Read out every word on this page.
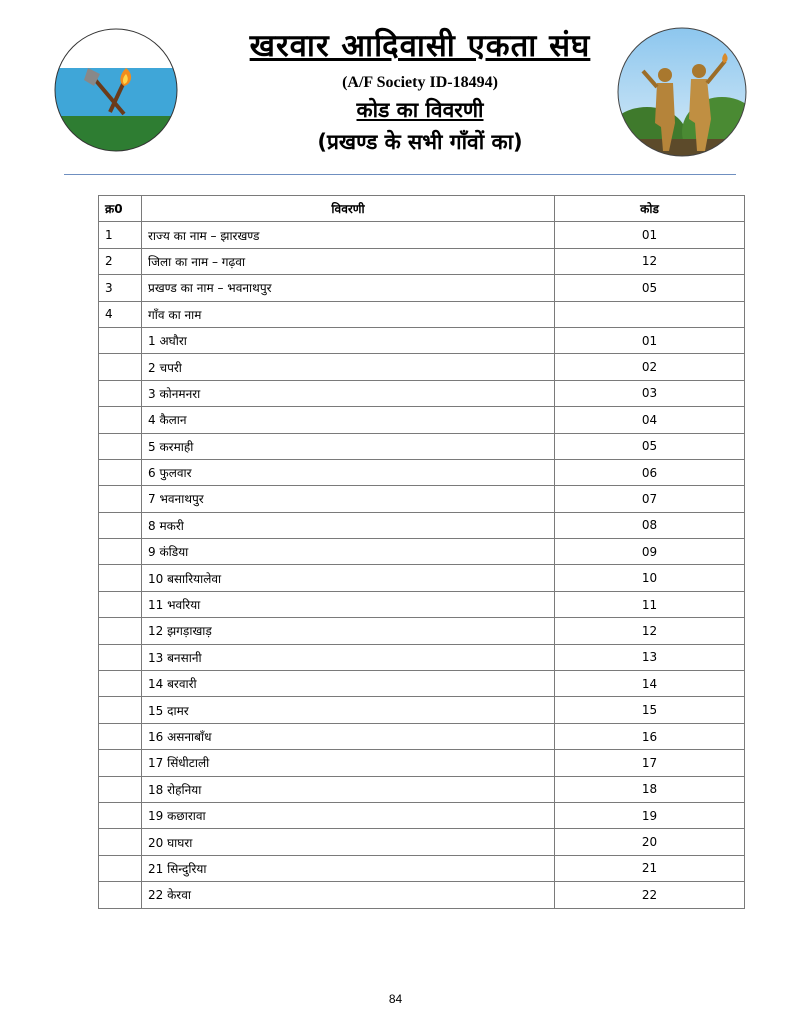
खरवार आदिवासी एकता संघ
(A/F Society ID-18494)
कोड का विवरणी
(प्रखण्ड के सभी गाँवों का)
क्र0	विवरणी	कोड
1	राज्य का नाम – झारखण्ड	01
2	जिला का नाम – गढ़वा	12
3	प्रखण्ड का नाम – भवनाथपुर	05
4	गाँव का नाम	
	1 अघौरा	01
	2 चपरी	02
	3 कोनमनरा	03
	4 कैलान	04
	5 करमाही	05
	6 फुलवार	06
	7 भवनाथपुर	07
	8 मकरी	08
	9 कंडिया	09
	10 बसारियालेवा	10
	11 भवरिया	11
	12 झगड़ाखाड़	12
	13 बनसानी	13
	14 बरवारी	14
	15 दामर	15
	16 असनाबाँध	16
	17 सिंधीटाली	17
	18 रोहनिया	18
	19 कछारावा	19
	20 घाघरा	20
	21 सिन्दुरिया	21
	22 केरवा	22
84
